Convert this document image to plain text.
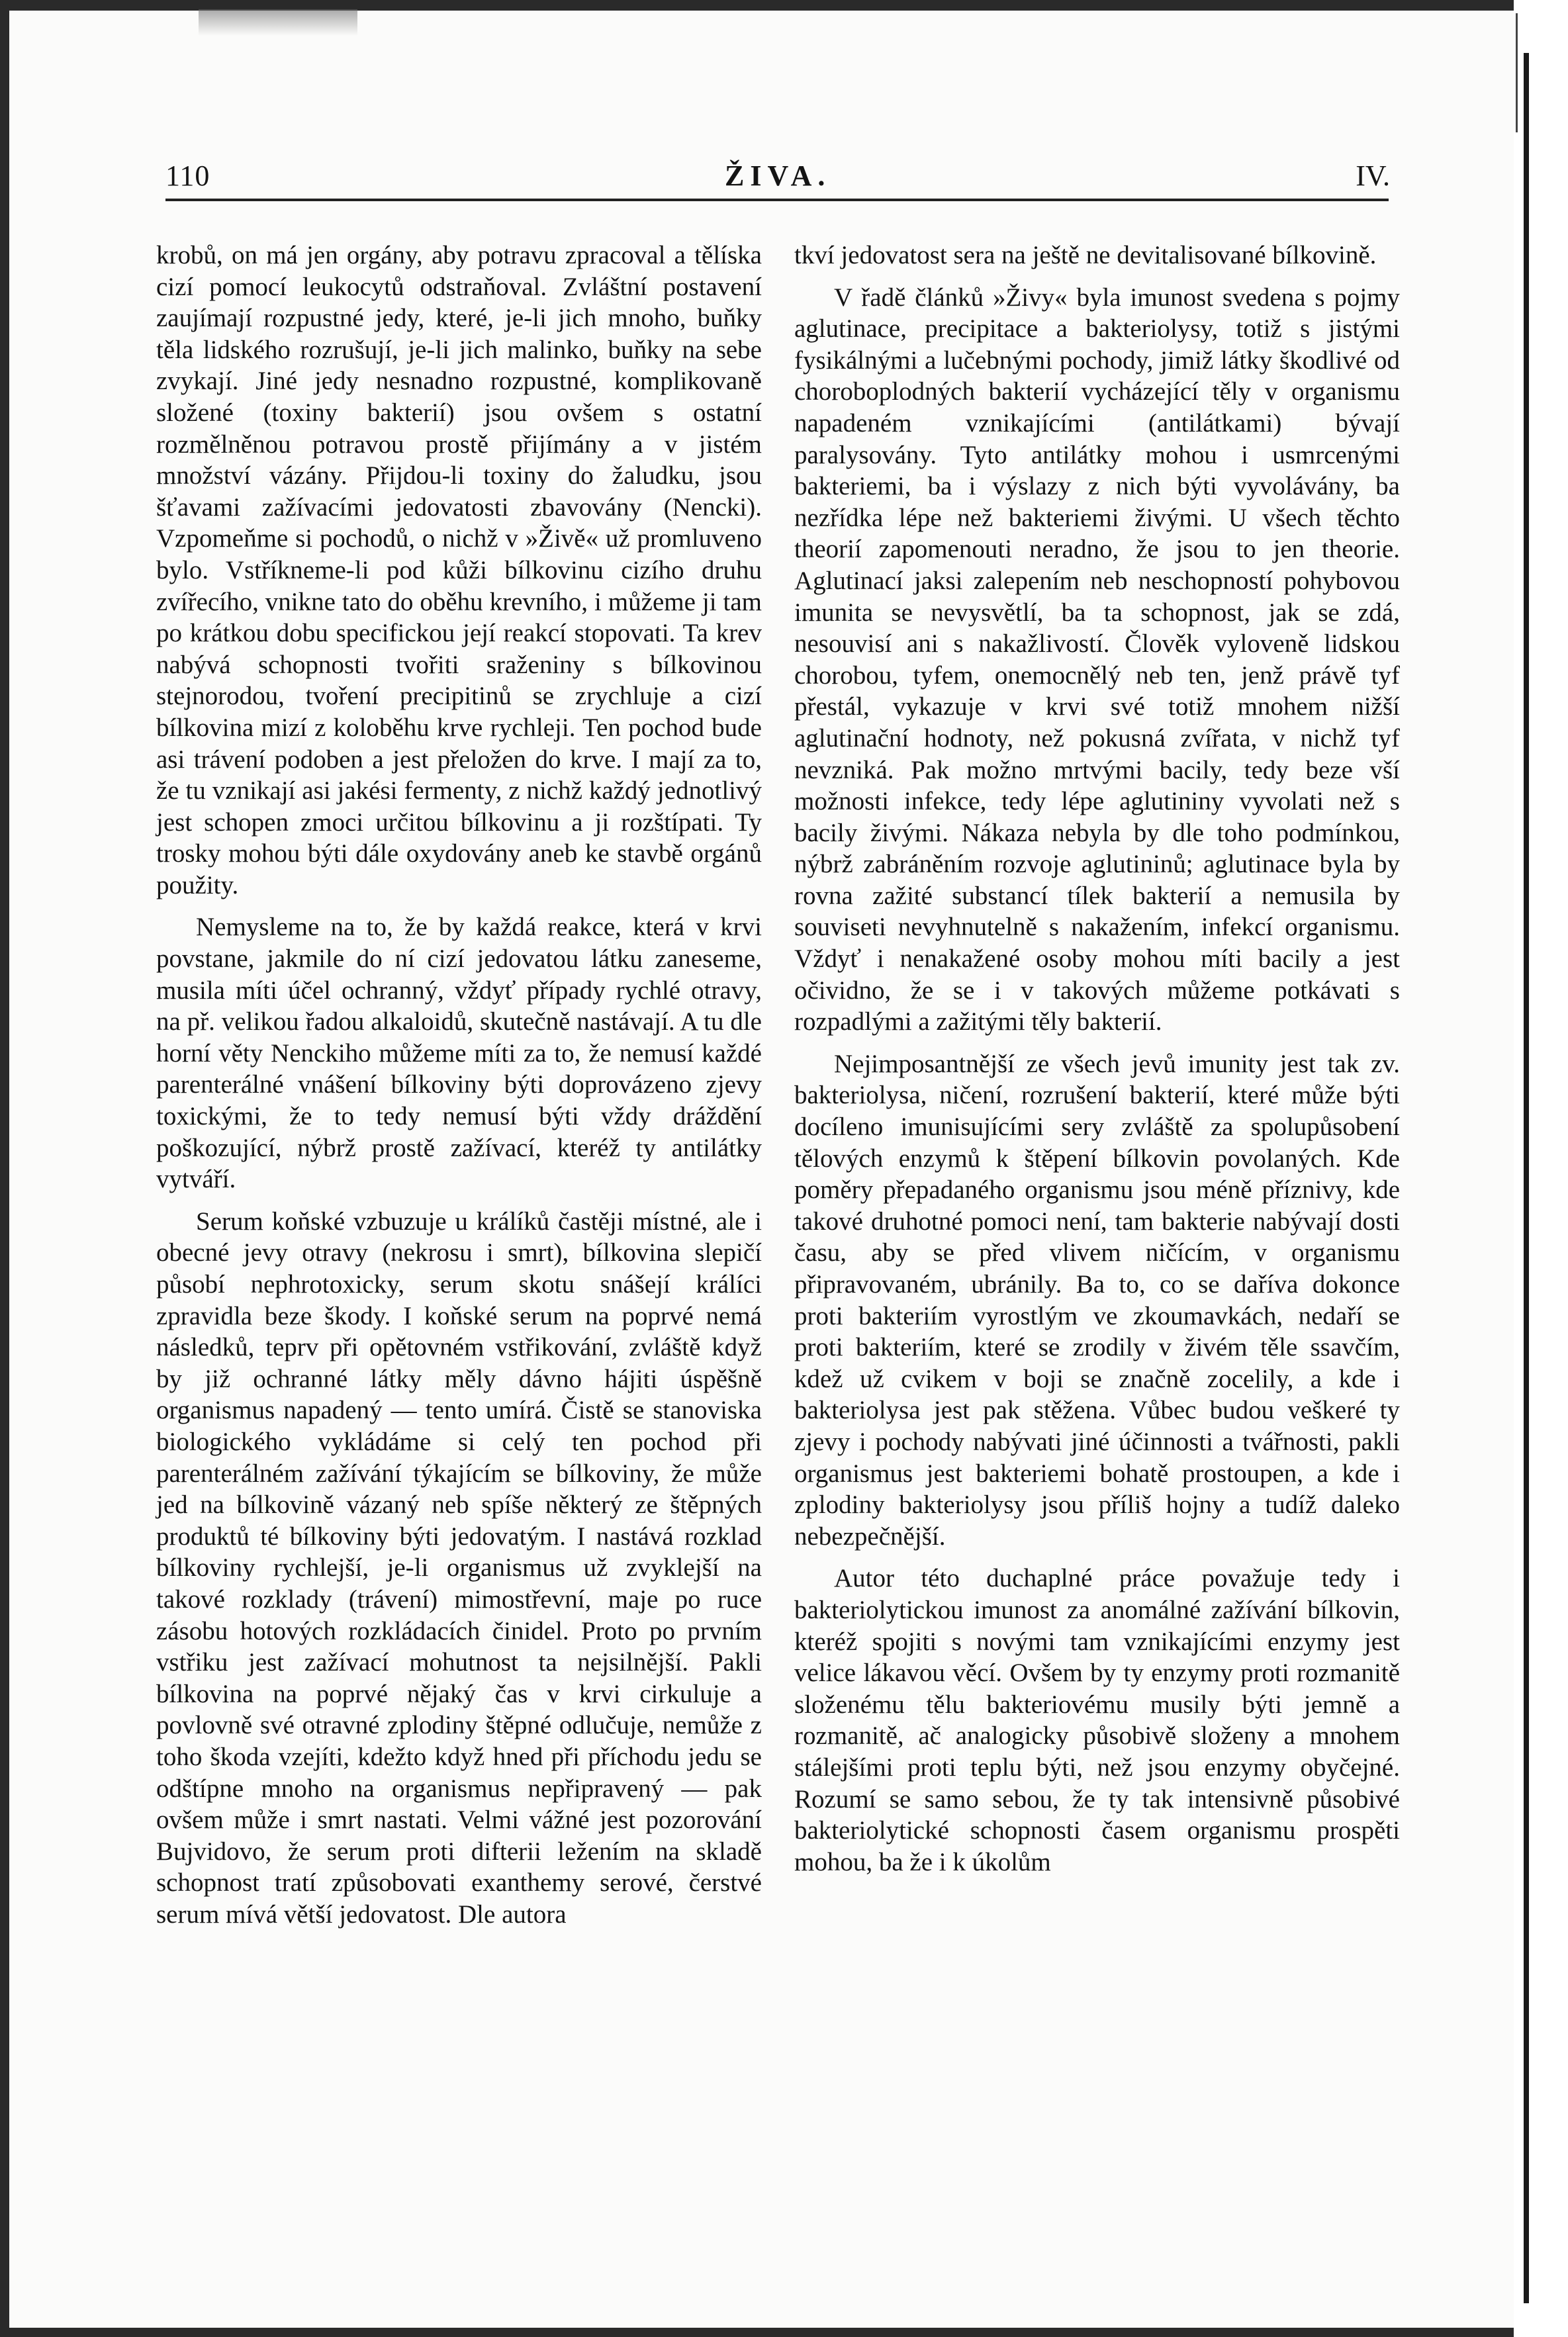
110	ŽIVA.	IV.

krobů, on má jen orgány, aby potravu zpracoval a tělíska cizí pomocí leukocytů odstraňoval. Zvláštní postavení zaujímají rozpustné jedy, které, je-li jich mnoho, buňky těla lidského rozrušují, je-li jich malinko, buňky na sebe zvykají. Jiné jedy nesnadno rozpustné, komplikovaně složené (toxiny bakterií) jsou ovšem s ostatní rozmělněnou potravou prostě přijímány a v jistém množství vázány. Přijdou-li toxiny do žaludku, jsou šťavami zažívacími jedovatosti zbavovány (Nencki). Vzpomeňme si pochodů, o nichž v »Živě« už promluveno bylo. Vstříkneme-li pod kůži bílkovinu cizího druhu zvířecího, vnikne tato do oběhu krevního, i můžeme ji tam po krátkou dobu specifickou její reakcí stopovati. Ta krev nabývá schopnosti tvořiti sraženiny s bílkovinou stejnorodou, tvoření precipitinů se zrychluje a cizí bílkovina mizí z koloběhu krve rychleji. Ten pochod bude asi trávení podoben a jest přeložen do krve. I mají za to, že tu vznikají asi jakési fermenty, z nichž každý jednotlivý jest schopen zmoci určitou bílkovinu a ji rozštípati. Ty trosky mohou býti dále oxydovány aneb ke stavbě orgánů použity.

Nemysleme na to, že by každá reakce, která v krvi povstane, jakmile do ní cizí jedovatou látku zaneseme, musila míti účel ochranný, vždyť případy rychlé otravy, na př. velikou řadou alkaloidů, skutečně nastávají. A tu dle horní věty Nenckiho můžeme míti za to, že nemusí každé parenterálné vnášení bílkoviny býti doprovázeno zjevy toxickými, že to tedy nemusí býti vždy dráždění poškozující, nýbrž prostě zažívací, kteréž ty antilátky vytváří.

Serum koňské vzbuzuje u králíků častěji místné, ale i obecné jevy otravy (nekrosu i smrt), bílkovina slepičí působí nephrotoxicky, serum skotu snášejí králíci zpravidla beze škody. I koňské serum na poprvé nemá následků, teprv při opětovném vstřikování, zvláště když by již ochranné látky měly dávno hájiti úspěšně organismus napadený — tento umírá. Čistě se stanoviska biologického vykládáme si celý ten pochod při parenterálném zažívání týkajícím se bílkoviny, že může jed na bílkovině vázaný neb spíše některý ze štěpných produktů té bílkoviny býti jedovatým. I nastává rozklad bílkoviny rychlejší, je-li organismus už zvyklejší na takové rozklady (trávení) mimostřevní, maje po ruce zásobu hotových rozkládacích činidel. Proto po prvním vstřiku jest zažívací mohutnost ta nejsilnější. Pakli bílkovina na poprvé nějaký čas v krvi cirkuluje a povlovně své otravné zplodiny štěpné odlučuje, nemůže z toho škoda vzejíti, kdežto když hned při příchodu jedu se odštípne mnoho na organismus nepřipravený — pak ovšem může i smrt nastati. Velmi vážné jest pozorování Bujvidovo, že serum proti difterii ležením na skladě schopnost tratí způsobovati exanthemy serové, čerstvé serum mívá větší jedovatost. Dle autora

tkví jedovatost sera na ještě ne devitalisované bílkovině.

V řadě článků »Živy« byla imunost svedena s pojmy aglutinace, precipitace a bakteriolysy, totiž s jistými fysikálnými a lučebnými pochody, jimiž látky škodlivé od choroboplodných bakterií vycházející těly v organismu napadeném vznikajícími (antilátkami) bývají paralysovány. Tyto antilátky mohou i usmrcenými bakteriemi, ba i výslazy z nich býti vyvolávány, ba nezřídka lépe než bakteriemi živými. U všech těchto theorií zapomenouti neradno, že jsou to jen theorie. Aglutinací jaksi zalepením neb neschopností pohybovou imunita se nevysvětlí, ba ta schopnost, jak se zdá, nesouvisí ani s nakažlivostí. Člověk vyloveně lidskou chorobou, tyfem, onemocnělý neb ten, jenž právě tyf přestál, vykazuje v krvi své totiž mnohem nižší aglutinační hodnoty, než pokusná zvířata, v nichž tyf nevzniká. Pak možno mrtvými bacily, tedy beze vší možnosti infekce, tedy lépe aglutininy vyvolati než s bacily živými. Nákaza nebyla by dle toho podmínkou, nýbrž zabráněním rozvoje aglutininů; aglutinace byla by rovna zažité substancí tílek bakterií a nemusila by souviseti nevyhnutelně s nakažením, infekcí organismu. Vždyť i nenakažené osoby mohou míti bacily a jest očividno, že se i v takových můžeme potkávati s rozpadlými a zažitými těly bakterií.

Nejimposantnější ze všech jevů imunity jest tak zv. bakteriolysa, ničení, rozrušení bakterií, které může býti docíleno imunisujícími sery zvláště za spolupůsobení tělových enzymů k štěpení bílkovin povolaných. Kde poměry přepadaného organismu jsou méně příznivy, kde takové druhotné pomoci není, tam bakterie nabývají dosti času, aby se před vlivem ničícím, v organismu připravovaném, ubránily. Ba to, co se daříva dokonce proti bakteriím vyrostlým ve zkoumavkách, nedaří se proti bakteriím, které se zrodily v živém těle ssavčím, kdež už cvikem v boji se značně zocelily, a kde i bakteriolysa jest pak stěžena. Vůbec budou veškeré ty zjevy i pochody nabývati jiné účinnosti a tvářnosti, pakli organismus jest bakteriemi bohatě prostoupen, a kde i zplodiny bakteriolysy jsou příliš hojny a tudíž daleko nebezpečnější.

Autor této duchaplné práce považuje tedy i bakteriolytickou imunost za anomálné zažívání bílkovin, kteréž spojiti s novými tam vznikajícími enzymy jest velice lákavou věcí. Ovšem by ty enzymy proti rozmanitě složenému tělu bakteriovému musily býti jemně a rozmanitě, ač analogicky působivě složeny a mnohem stálejšími proti teplu býti, než jsou enzymy obyčejné. Rozumí se samo sebou, že ty tak intensivně působivé bakteriolytické schopnosti časem organismu prospěti mohou, ba že i k úkolům
